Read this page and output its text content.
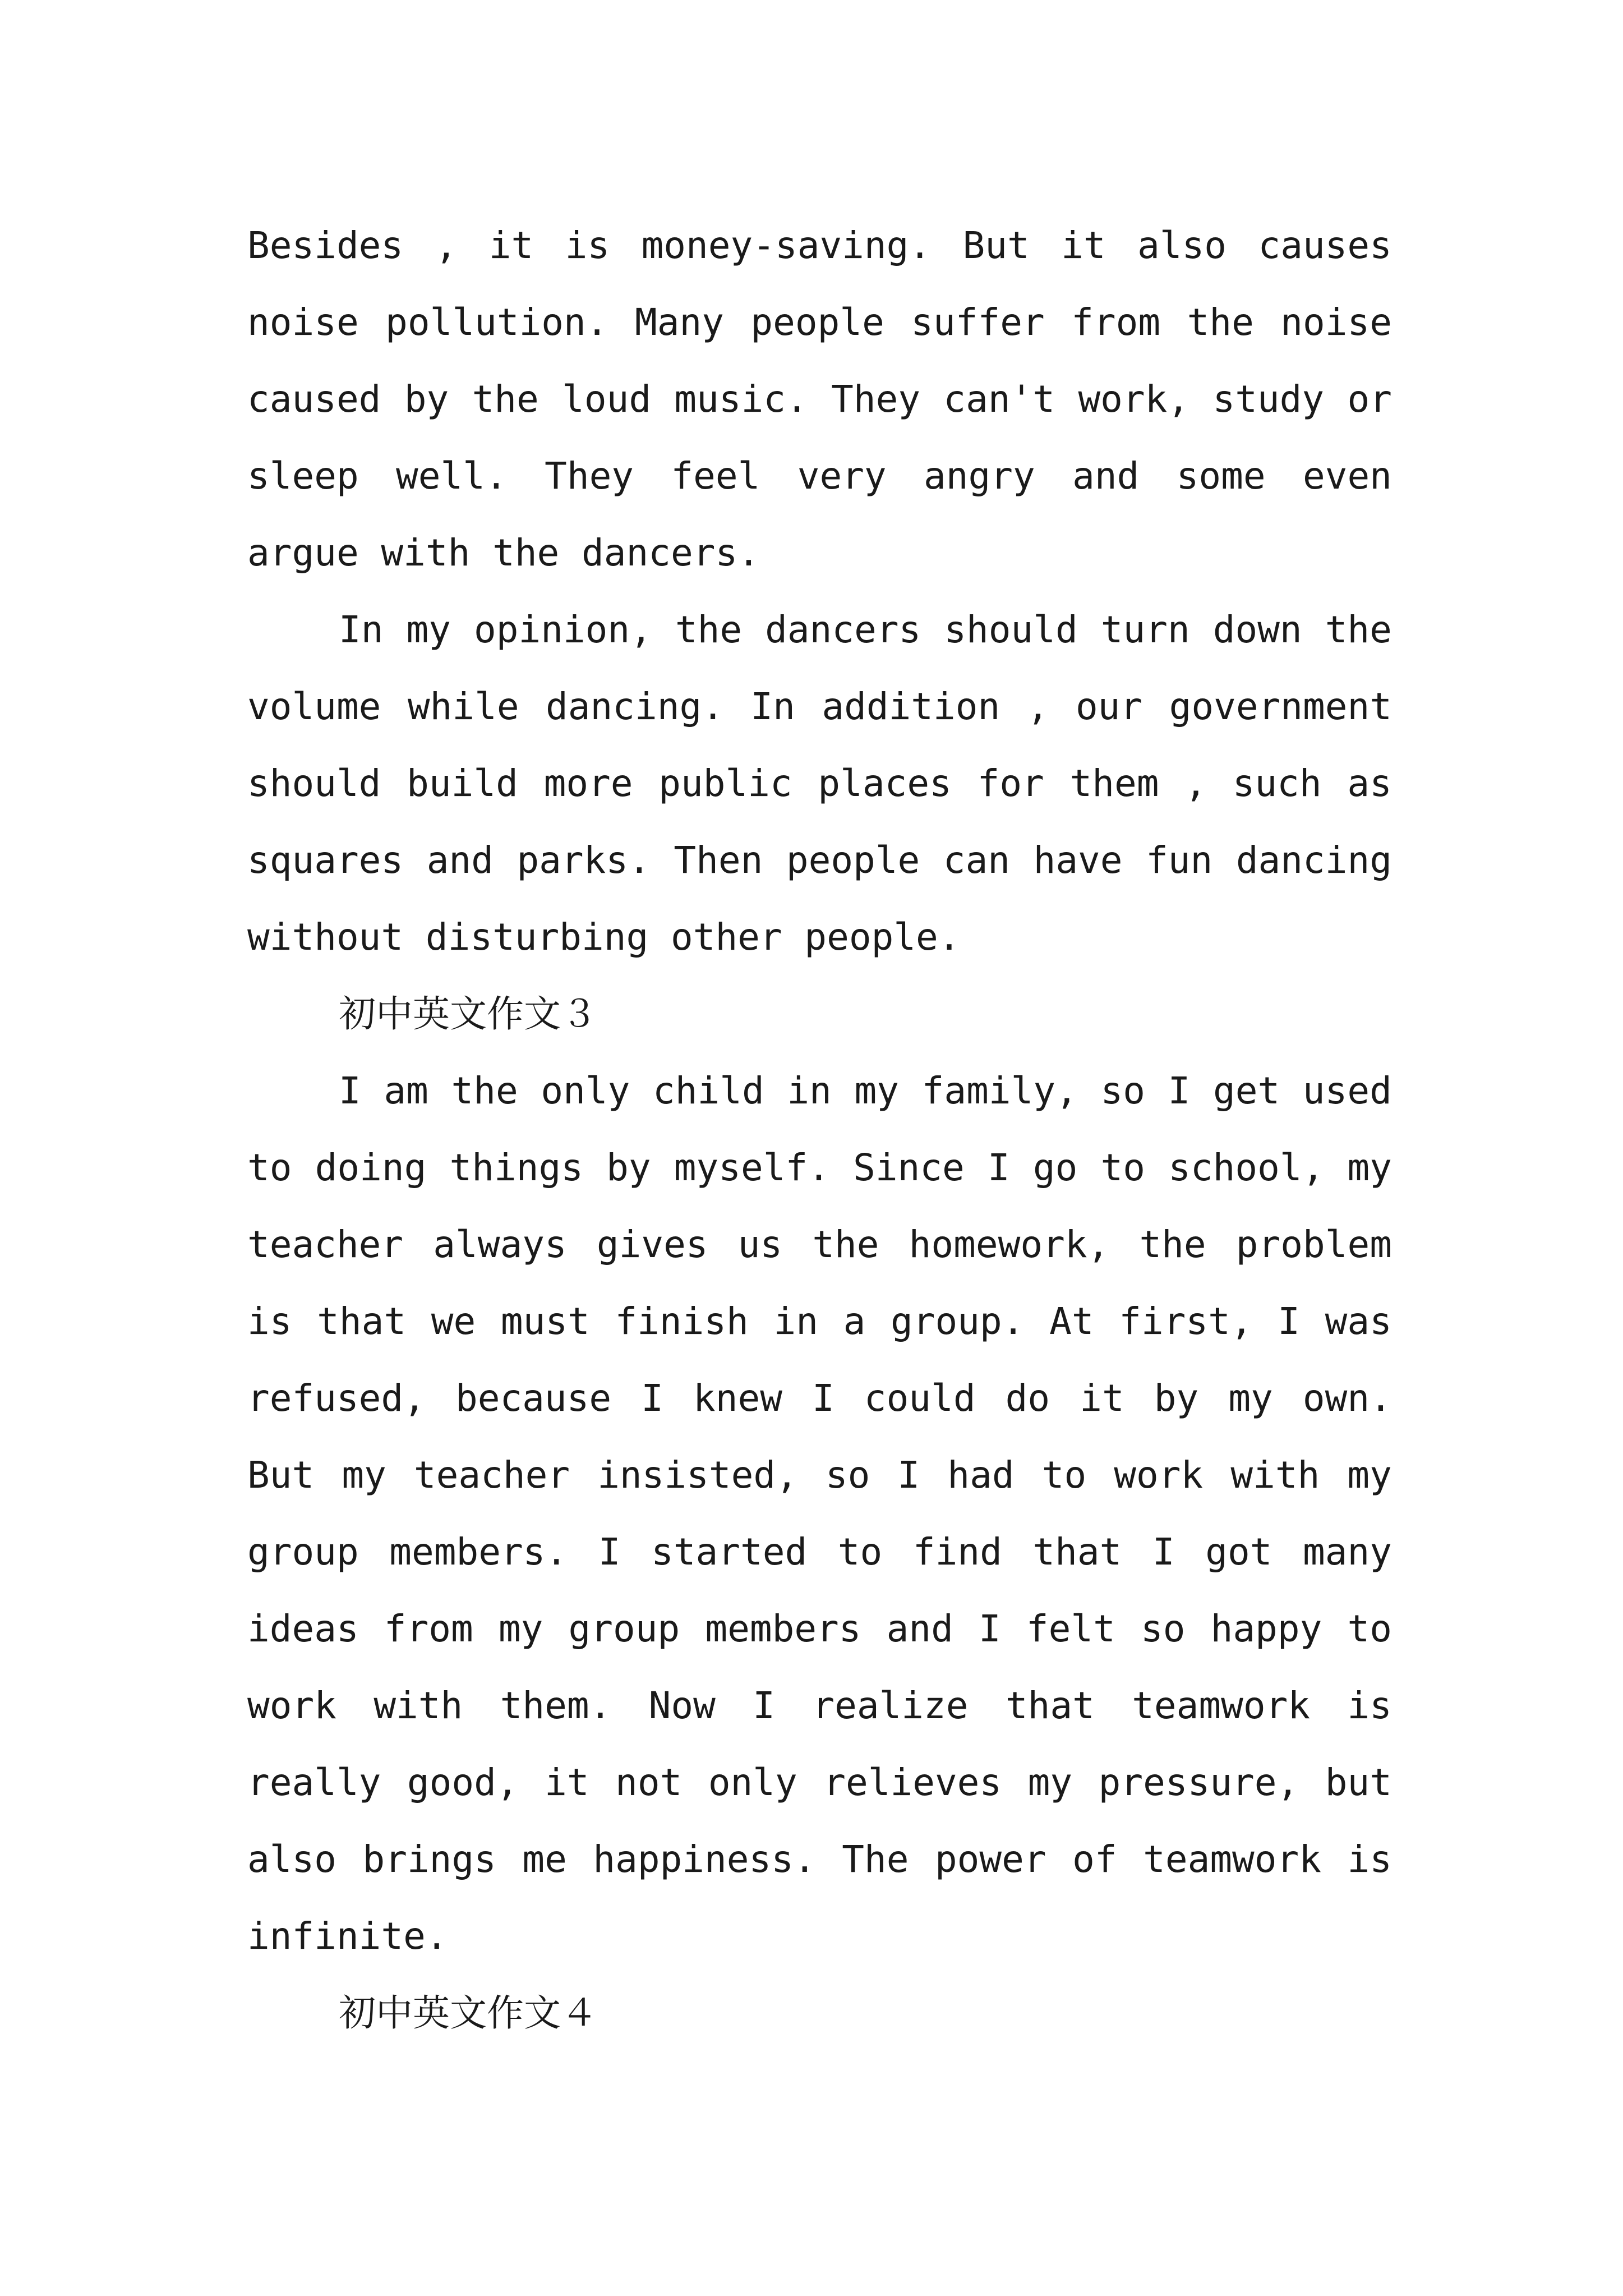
Besides , it is money-saving. But it also causes
noise pollution. Many people suffer from the noise
caused by the loud music. They can't work, study or
sleep well. They feel very angry and some even
argue with the dancers.
In my opinion, the dancers should turn down the
volume while dancing. In addition , our government
should build more public places for them , such as
squares and parks. Then people can have fun dancing
without disturbing other people.
初中英文作文３
I am the only child in my family, so I get used
to doing things by myself. Since I go to school, my
teacher always gives us the homework, the problem
is that we must finish in a group. At first, I was
refused, because I knew I could do it by my own.
But my teacher insisted, so I had to work with my
group members. I started to find that I got many
ideas from my group members and I felt so happy to
work with them. Now I realize that teamwork is
really good, it not only relieves my pressure, but
also brings me happiness. The power of teamwork is
infinite.
初中英文作文４
